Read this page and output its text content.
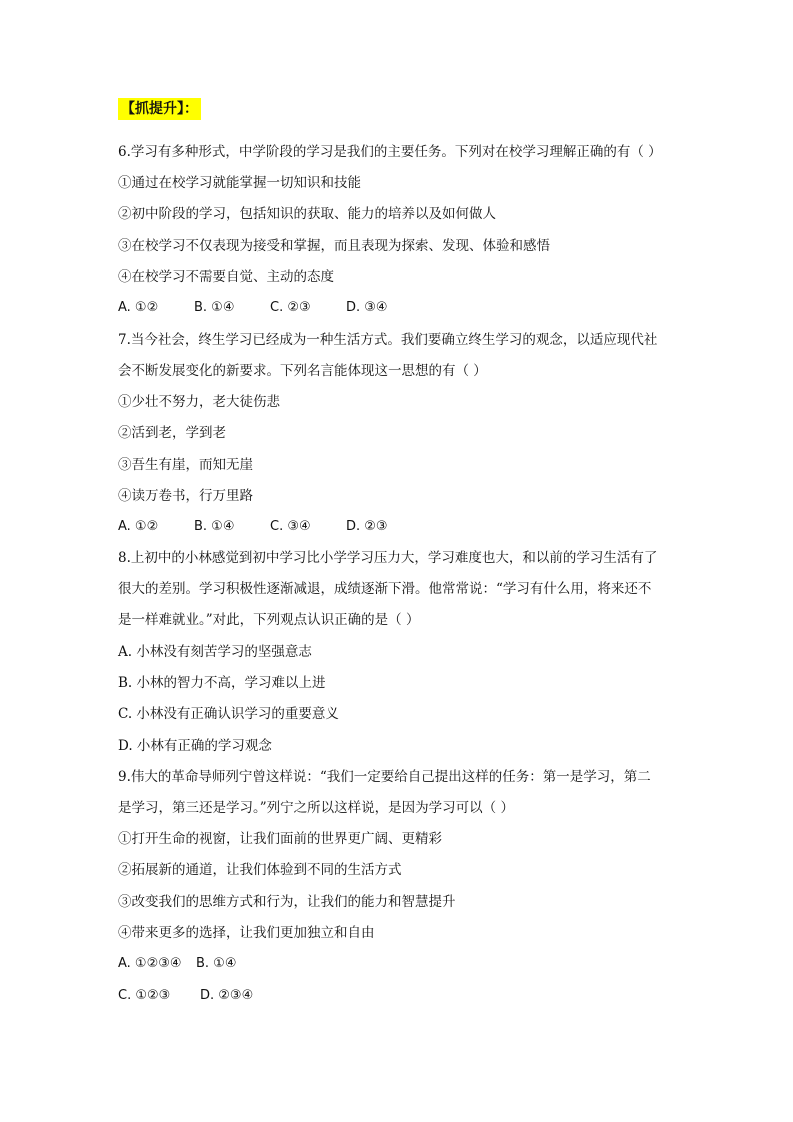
【抓提升】：
6.学习有多种形式，中学阶段的学习是我们的主要任务。下列对在校学习理解正确的有（ ）
①通过在校学习就能掌握一切知识和技能
②初中阶段的学习，包括知识的获取、能力的培养以及如何做人
③在校学习不仅表现为接受和掌握，而且表现为探索、发现、体验和感悟
④在校学习不需要自觉、主动的态度
A. ①②	B. ①④	C. ②③	D. ③④
7.当今社会，终生学习已经成为一种生活方式。我们要确立终生学习的观念，以适应现代社
会不断发展变化的新要求。下列名言能体现这一思想的有（ ）
①少壮不努力，老大徒伤悲
②活到老，学到老
③吾生有崖，而知无崖
④读万卷书，行万里路
A. ①②	B. ①④	C. ③④	D. ②③
8.上初中的小林感觉到初中学习比小学学习压力大，学习难度也大，和以前的学习生活有了
很大的差别。学习积极性逐渐减退，成绩逐渐下滑。他常常说：“学习有什么用，将来还不
是一样难就业。”对此，下列观点认识正确的是（ ）
A. 小林没有刻苦学习的坚强意志
B. 小林的智力不高，学习难以上进
C. 小林没有正确认识学习的重要意义
D. 小林有正确的学习观念
9.伟大的革命导师列宁曾这样说：“我们一定要给自己提出这样的任务：第一是学习，第二
是学习，第三还是学习。”列宁之所以这样说，是因为学习可以（ ）
①打开生命的视窗，让我们面前的世界更广阔、更精彩
②拓展新的通道，让我们体验到不同的生活方式
③改变我们的思维方式和行为，让我们的能力和智慧提升
④带来更多的选择，让我们更加独立和自由
A. ①②③④ B. ①④
C. ①②③ D. ②③④
